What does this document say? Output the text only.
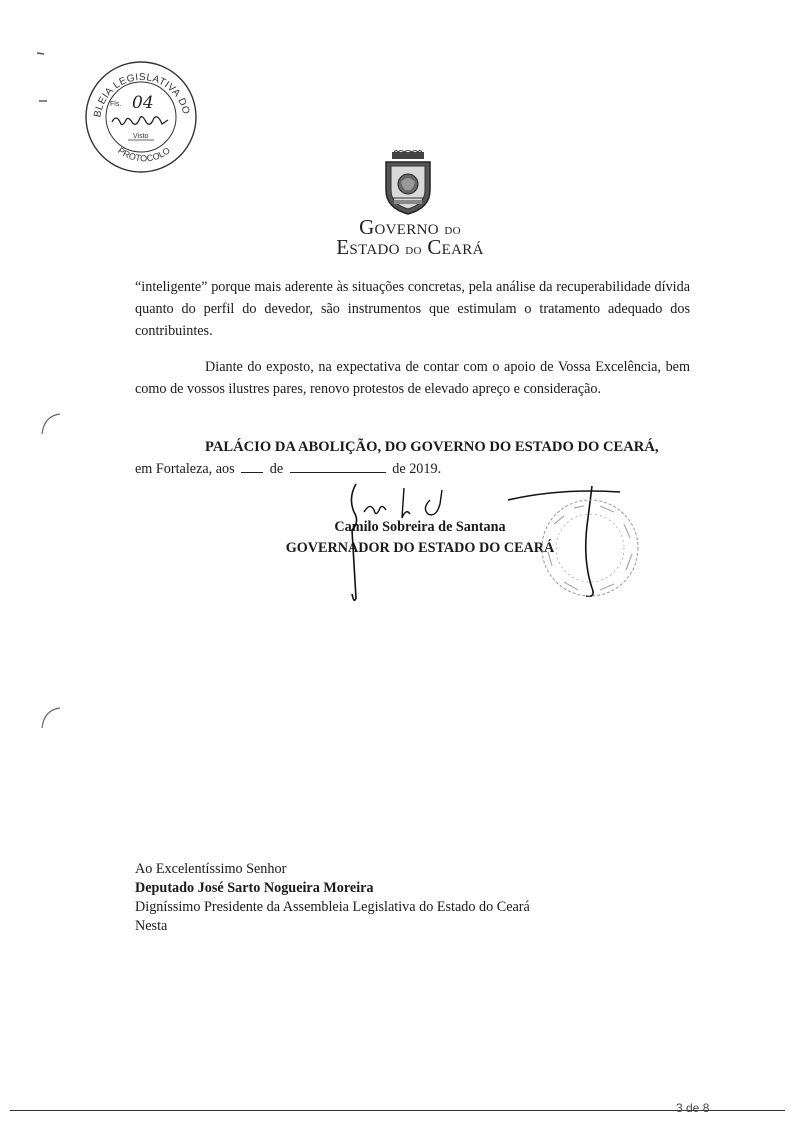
BLEIA LEGISLATIVA DO
PROTOCOLO
Fls. 04
Visto
Governo do
Estado do Ceará
“inteligente” porque mais aderente às situações concretas, pela análise da recuperabilidade dívida quanto do perfil do devedor, são instrumentos que estimulam o tratamento adequado dos contribuintes.
Diante do exposto, na expectativa de contar com o apoio de Vossa Excelência, bem como de vossos ilustres pares, renovo protestos de elevado apreço e consideração.
PALÁCIO DA ABOLIÇÃO, DO GOVERNO DO ESTADO DO CEARÁ,
em Fortaleza, aos de	de 2019.
Camilo Sobreira de Santana
GOVERNADOR DO ESTADO DO CEARÁ
Ao Excelentíssimo Senhor
Deputado José Sarto Nogueira Moreira
Digníssimo Presidente da Assembleia Legislativa do Estado do Ceará
Nesta
3 de 8
